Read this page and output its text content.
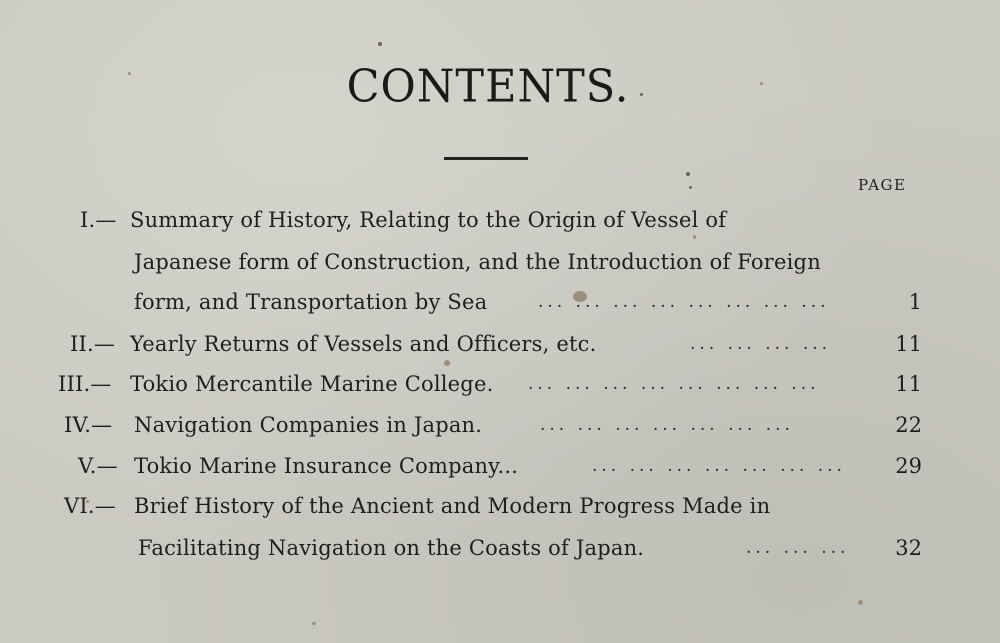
CONTENTS.
PAGE
I.— Summary of History, Relating to the Origin of Vessel of
Japanese form of Construction, and the Introduction of Foreign
form, and Transportation by Sea	... ... ... ... ... ... ... ...	1
II.— Yearly Returns of Vessels and Officers, etc.	... ... ... ...	11
III.— Tokio Mercantile Marine College. ... ... ... ... ... ... ... ...	11
IV.— Navigation Companies in Japan.	... ... ... ... ... ... ...	22
V.— Tokio Marine Insurance Company...	... ... ... ... ... ... ...	29
VI.— Brief History of the Ancient and Modern Progress Made in
Facilitating Navigation on the Coasts of Japan.	... ... ...	32
